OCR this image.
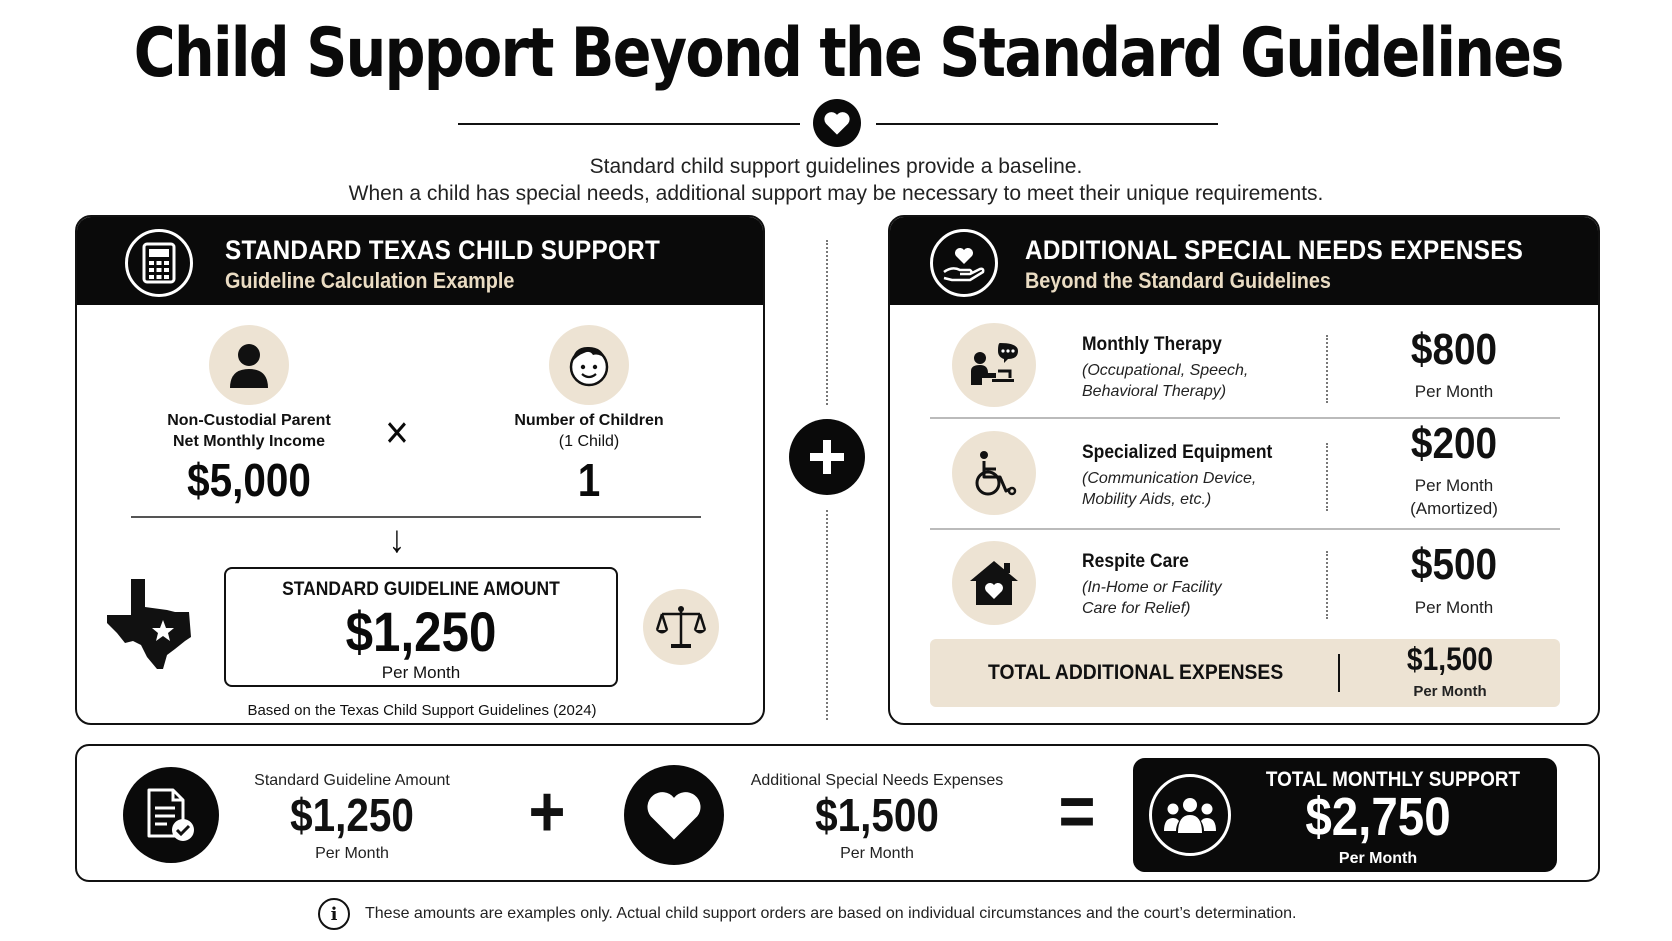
Child Support Beyond the Standard Guidelines
Standard child support guidelines provide a baseline.
When a child has special needs, additional support may be necessary to meet their unique requirements.
STANDARD TEXAS CHILD SUPPORT
Guideline Calculation Example
Non-Custodial Parent
Net Monthly Income
$5,000
×	Number of Children
(1 Child)
1
↓
STANDARD GUIDELINE AMOUNT
$1,250
Per Month
Based on the Texas Child Support Guidelines (2024)
ADDITIONAL SPECIAL NEEDS EXPENSES
Beyond the Standard Guidelines
Monthly Therapy
(Occupational, Speech,
Behavioral Therapy)
$800
Per Month
Specialized Equipment
(Communication Device,
Mobility Aids, etc.)
$200
Per Month
(Amortized)
Respite Care
(In-Home or Facility
Care for Relief)
$500
Per Month
TOTAL ADDITIONAL EXPENSES	$1,500
Per Month
Standard Guideline Amount
$1,250
Per Month
+	Additional Special Needs Expenses
$1,500
Per Month
=	TOTAL MONTHLY SUPPORT
$2,750
Per Month
i	These amounts are examples only. Actual child support orders are based on individual circumstances and the court’s determination.
